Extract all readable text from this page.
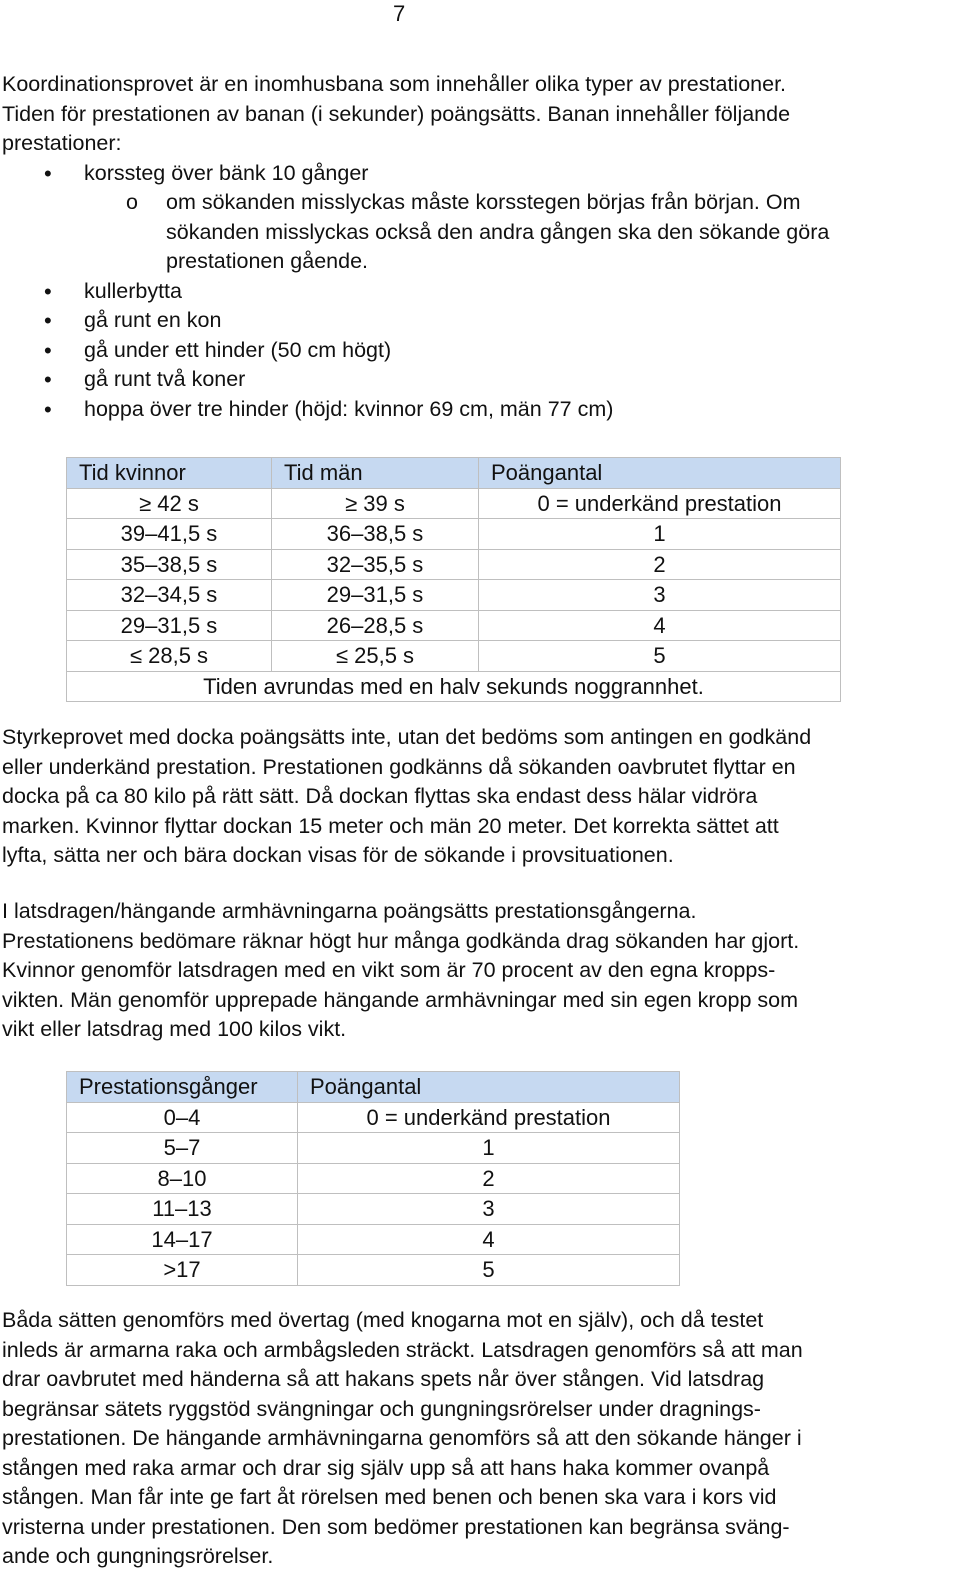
7

Koordinationsprovet är en inomhusbana som innehåller olika typer av prestationer.

Tiden för prestationen av banan (i sekunder) poängsätts. Banan innehåller följande

prestationer:

• korssteg över bänk 10 gånger
o om sökanden misslyckas måste korsstegen börjas från början. Om
sökanden misslyckas också den andra gången ska den sökande göra
prestationen gående.
• kullerbytta
• gå runt en kon
• gå under ett hinder (50 cm högt)
• gå runt två koner
• hoppa över tre hinder (höjd: kvinnor 69 cm, män 77 cm)
Tid kvinnor	Tid män	Poängantal
≥ 42 s	≥ 39 s	0 = underkänd prestation
39–41,5 s	36–38,5 s	1
35–38,5 s	32–35,5 s	2
32–34,5 s	29–31,5 s	3
29–31,5 s	26–28,5 s	4
≤ 28,5 s	≤ 25,5 s	5
Tiden avrundas med en halv sekunds noggrannhet.		

Styrkeprovet med docka poängsätts inte, utan det bedöms som antingen en godkänd

eller underkänd prestation. Prestationen godkänns då sökanden oavbrutet flyttar en

docka på ca 80 kilo på rätt sätt. Då dockan flyttas ska endast dess hälar vidröra

marken. Kvinnor flyttar dockan 15 meter och män 20 meter. Det korrekta sättet att

lyfta, sätta ner och bära dockan visas för de sökande i provsituationen.

I latsdragen/hängande armhävningarna poängsätts prestationsgångerna.

Prestationens bedömare räknar högt hur många godkända drag sökanden har gjort.

Kvinnor genomför latsdragen med en vikt som är 70 procent av den egna kropps-

vikten. Män genomför upprepade hängande armhävningar med sin egen kropp som

vikt eller latsdrag med 100 kilos vikt.

Prestationsgånger	Poängantal
0–4	0 = underkänd prestation
5–7	1
8–10	2
11–13	3
14–17	4
>17	5

Båda sätten genomförs med övertag (med knogarna mot en själv), och då testet

inleds är armarna raka och armbågsleden sträckt. Latsdragen genomförs så att man

drar oavbrutet med händerna så att hakans spets når över stången. Vid latsdrag

begränsar sätets ryggstöd svängningar och gungningsrörelser under dragnings-

prestationen. De hängande armhävningarna genomförs så att den sökande hänger i

stången med raka armar och drar sig själv upp så att hans haka kommer ovanpå

stången. Man får inte ge fart åt rörelsen med benen och benen ska vara i kors vid

vristerna under prestationen. Den som bedömer prestationen kan begränsa sväng-

ande och gungningsrörelser.
